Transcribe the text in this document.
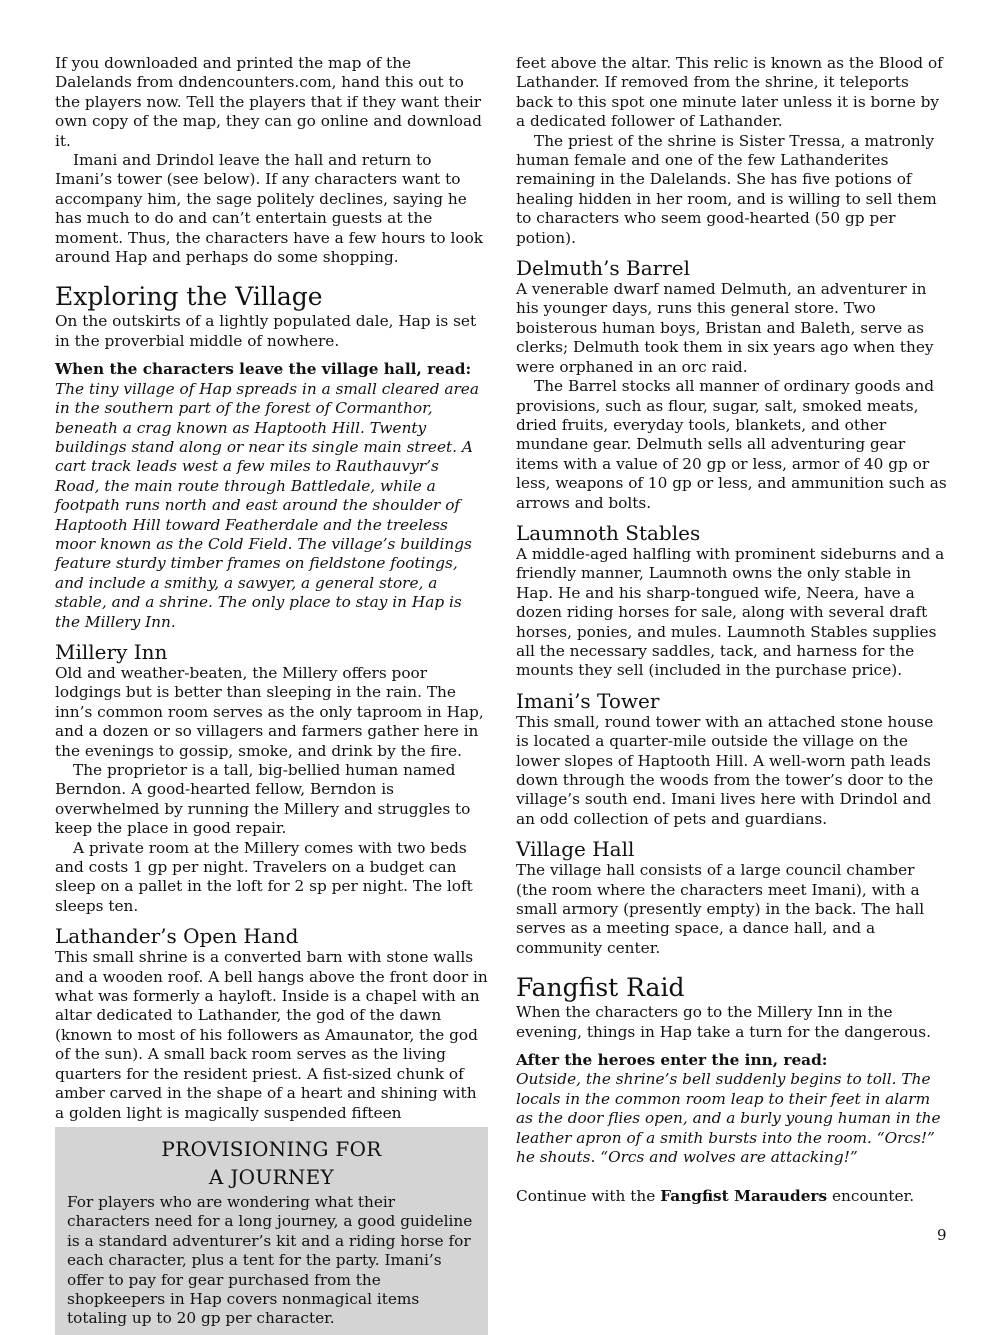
If you downloaded and printed the map of the Dalelands from dndencounters.com, hand this out to the players now. Tell the players that if they want their own copy of the map, they can go online and download it.

Imani and Drindol leave the hall and return to Imani’s tower (see below). If any characters want to accompany him, the sage politely declines, saying he has much to do and can’t entertain guests at the moment. Thus, the characters have a few hours to look around Hap and perhaps do some shopping.

Exploring the Village

On the outskirts of a lightly populated dale, Hap is set in the proverbial middle of nowhere.

When the characters leave the village hall, read:

The tiny village of Hap spreads in a small cleared area in the southern part of the forest of Cormanthor, beneath a crag known as Haptooth Hill. Twenty buildings stand along or near its single main street. A cart track leads west a few miles to Rauthauvyr’s Road, the main route through Battledale, while a footpath runs north and east around the shoulder of Haptooth Hill toward Featherdale and the treeless moor known as the Cold Field. The village’s buildings feature sturdy timber frames on fieldstone footings, and include a smithy, a sawyer, a general store, a stable, and a shrine. The only place to stay in Hap is the Millery Inn.

Millery Inn

Old and weather-beaten, the Millery offers poor lodgings but is better than sleeping in the rain. The inn’s common room serves as the only taproom in Hap, and a dozen or so villagers and farmers gather here in the evenings to gossip, smoke, and drink by the fire.

The proprietor is a tall, big-bellied human named Berndon. A good-hearted fellow, Berndon is overwhelmed by running the Millery and struggles to keep the place in good repair.

A private room at the Millery comes with two beds and costs 1 gp per night. Travelers on a budget can sleep on a pallet in the loft for 2 sp per night. The loft sleeps ten.

Lathander’s Open Hand

This small shrine is a converted barn with stone walls and a wooden roof. A bell hangs above the front door in what was formerly a hayloft. Inside is a chapel with an altar dedicated to Lathander, the god of the dawn (known to most of his followers as Amaunator, the god of the sun). A small back room serves as the living quarters for the resident priest. A fist-sized chunk of amber carved in the shape of a heart and shining with a golden light is magically suspended fifteen

PROVISIONING FOR
A JOURNEY

For players who are wondering what their characters need for a long journey, a good guideline is a standard adventurer’s kit and a riding horse for each character, plus a tent for the party. Imani’s offer to pay for gear purchased from the shopkeepers in Hap covers nonmagical items totaling up to 20 gp per character.

feet above the altar. This relic is known as the Blood of Lathander. If removed from the shrine, it teleports back to this spot one minute later unless it is borne by a dedicated follower of Lathander.

The priest of the shrine is Sister Tressa, a matronly human female and one of the few Lathanderites remaining in the Dalelands. She has five potions of healing hidden in her room, and is willing to sell them to characters who seem good-hearted (50 gp per potion).

Delmuth’s Barrel

A venerable dwarf named Delmuth, an adventurer in his younger days, runs this general store. Two boisterous human boys, Bristan and Baleth, serve as clerks; Delmuth took them in six years ago when they were orphaned in an orc raid.

The Barrel stocks all manner of ordinary goods and provisions, such as flour, sugar, salt, smoked meats, dried fruits, everyday tools, blankets, and other mundane gear. Delmuth sells all adventuring gear items with a value of 20 gp or less, armor of 40 gp or less, weapons of 10 gp or less, and ammunition such as arrows and bolts.

Laumnoth Stables

A middle-aged halfling with prominent sideburns and a friendly manner, Laumnoth owns the only stable in Hap. He and his sharp-tongued wife, Neera, have a dozen riding horses for sale, along with several draft horses, ponies, and mules. Laumnoth Stables supplies all the necessary saddles, tack, and harness for the mounts they sell (included in the purchase price).

Imani’s Tower

This small, round tower with an attached stone house is located a quarter-mile outside the village on the lower slopes of Haptooth Hill. A well-worn path leads down through the woods from the tower’s door to the village’s south end. Imani lives here with Drindol and an odd collection of pets and guardians.

Village Hall

The village hall consists of a large council chamber (the room where the characters meet Imani), with a small armory (presently empty) in the back. The hall serves as a meeting space, a dance hall, and a community center.

Fangfist Raid

When the characters go to the Millery Inn in the evening, things in Hap take a turn for the dangerous.

After the heroes enter the inn, read:

Outside, the shrine’s bell suddenly begins to toll. The locals in the common room leap to their feet in alarm as the door flies open, and a burly young human in the leather apron of a smith bursts into the room. “Orcs!” he shouts. “Orcs and wolves are attacking!”

Continue with the Fangfist Marauders encounter.

9
